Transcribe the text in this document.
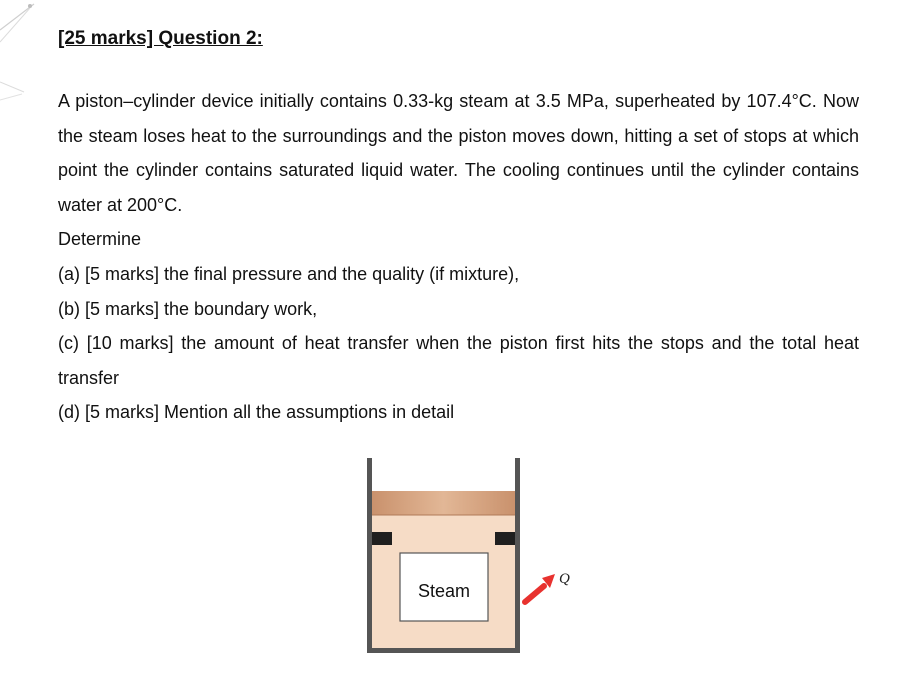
[25 marks] Question 2:

A piston–cylinder device initially contains 0.33-kg steam at 3.5 MPa, superheated by 107.4°C. Now the steam loses heat to the surroundings and the piston moves down, hitting a set of stops at which point the cylinder contains saturated liquid water. The cooling continues until the cylinder contains water at 200°C.

Determine

(a) [5 marks] the final pressure and the quality (if mixture),

(b) [5 marks] the boundary work,

(c) [10 marks] the amount of heat transfer when the piston first hits the stops and the total heat transfer

(d) [5 marks] Mention all the assumptions in detail

Steam
Q
